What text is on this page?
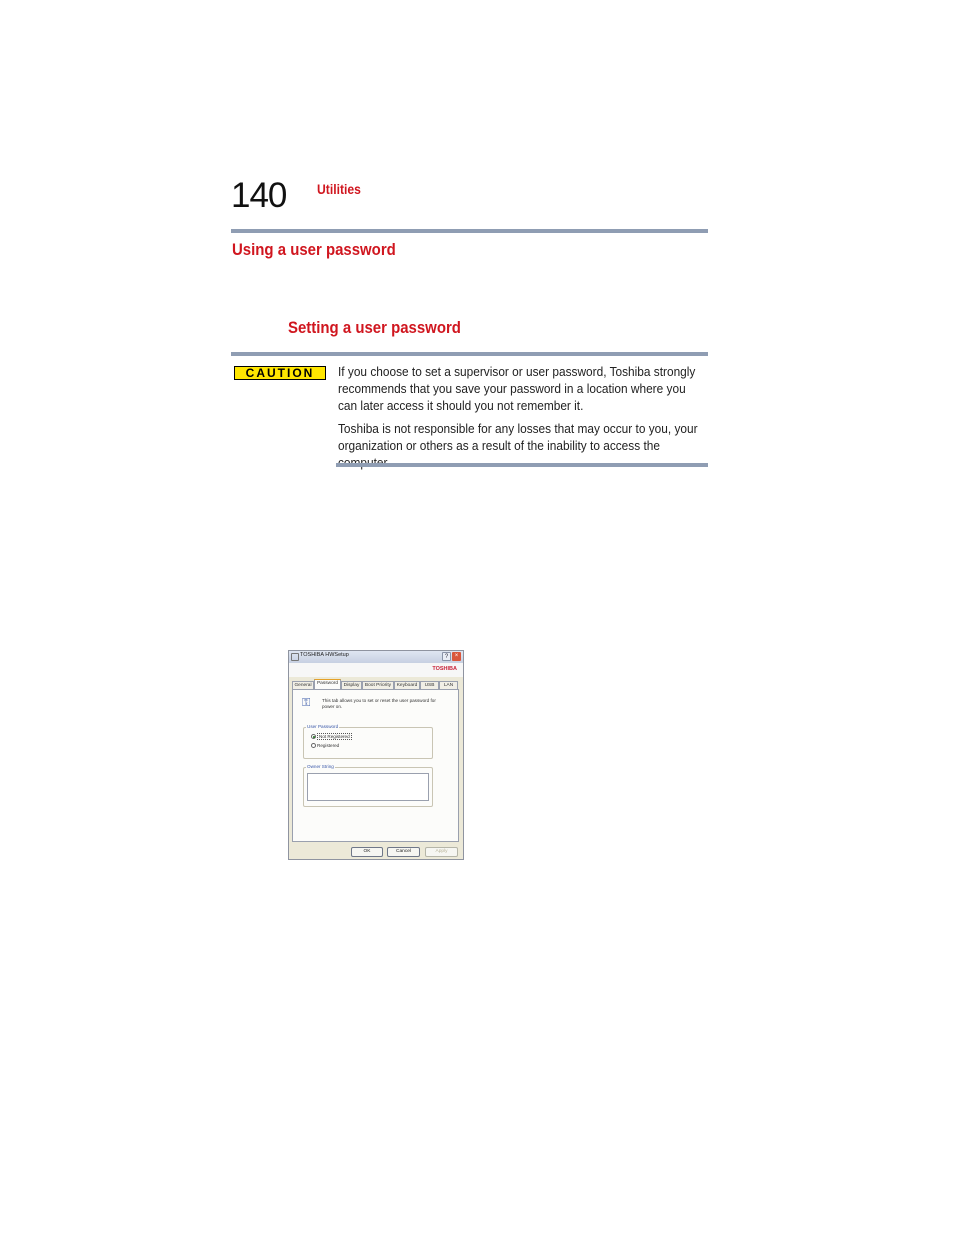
140 Utilities
Using a user password
Setting a user password
CAUTION	If you choose to set a supervisor or user password, Toshiba strongly recommends that you save your password in a location where you can later access it should you not remember it.
Toshiba is not responsible for any losses that may occur to you, your organization or others as a result of the inability to access the
TOSHIBA HWSetup	?	×
TOSHIBA
General	Password	Display	Boot Priority	Keyboard	USB	LAN
⚿	This tab allows you to set or reset the user password for power on.
User Password
Not Registered
Registered
Owner String
OK	Cancel	Apply
